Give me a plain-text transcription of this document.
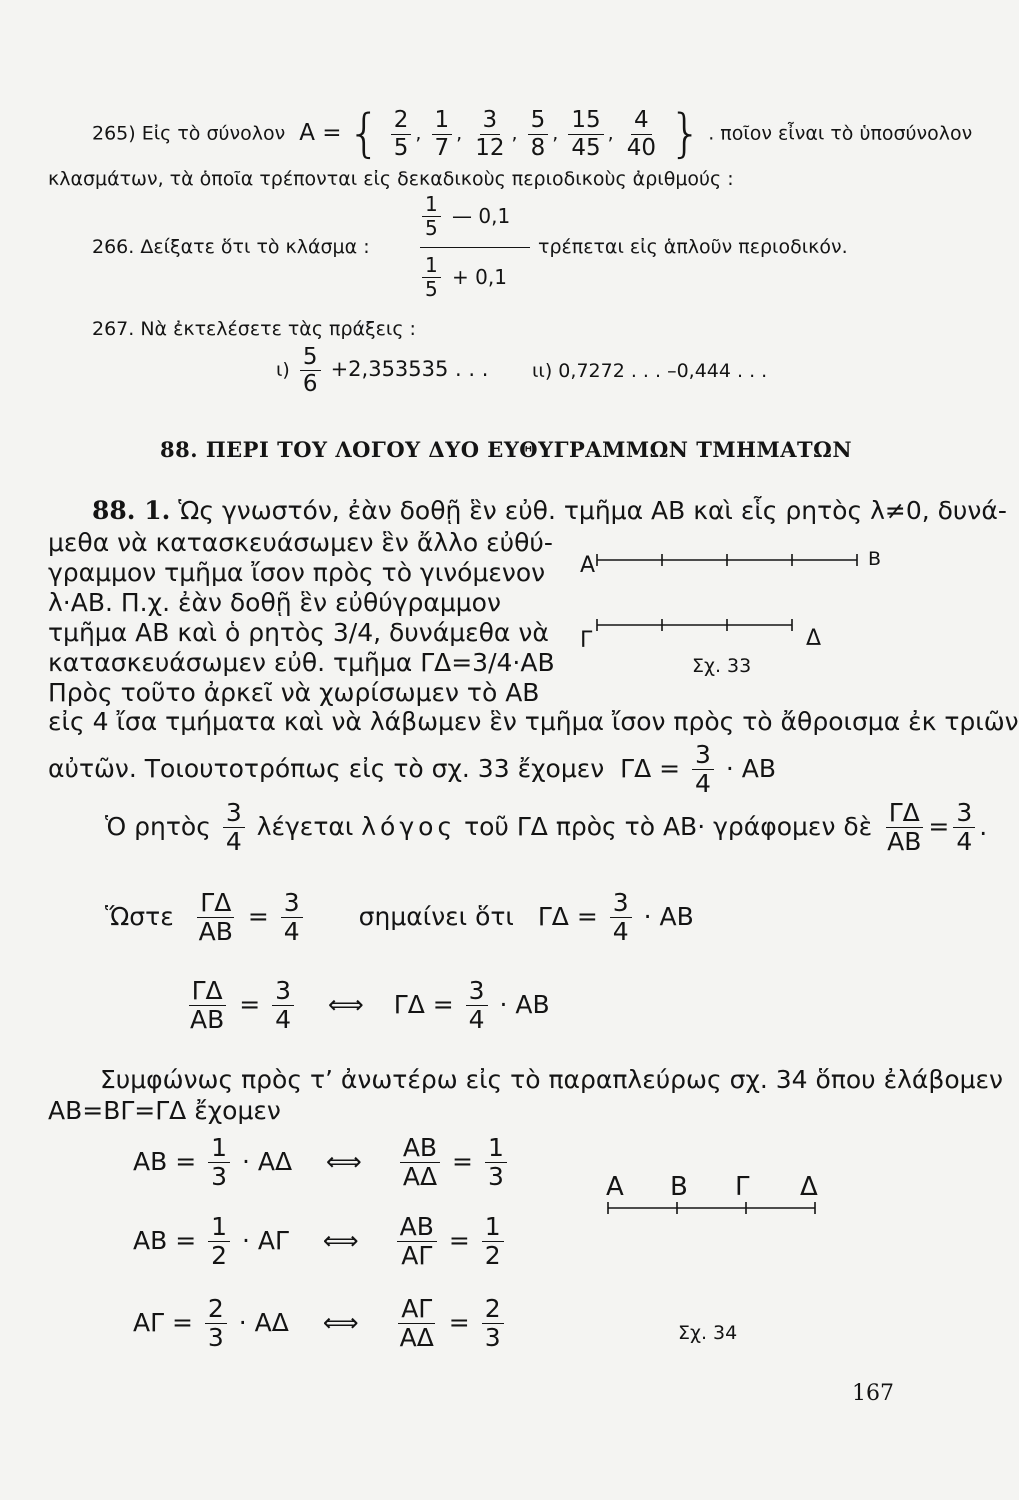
265) Εἰς τὸ σύνολον A = { $\frac{2}{5}$ , $\frac{1}{7}$ , $\frac{3}{12}$ , $\frac{5}{8}$ , $\frac{15}{45}$ , $\frac{4}{40}$ } . ποῖον εἶναι τὸ ὑποσύνολον
κλασμάτων, τὰ ὁποῖα τρέπονται εἰς δεκαδικοὺς περιοδικοὺς ἀριθμούς :
266. Δείξατε ὅτι τὸ κλάσμα :
$\frac{1}{5}$ — 0,1
$\frac{1}{5} + 0,1$
τρέπεται εἰς ἁπλοῦν περιοδικόν.
267. Νὰ ἐκτελέσετε τὰς πράξεις :
$\iota) \frac{5}{6} +2,353535$ . . . ιι) 0,7272 . . . –0,444 . . .
88. ΠΕΡΙ ΤΟΥ ΛΟΓΟΥ ΔΥΟ ΕΥΘΥΓΡΑΜΜΩΝ ΤΜΗΜΑΤΩΝ
88. 1. Ὡς γνωστόν, ἐὰν δοθῇ ἓν εὐθ. τμῆμα ΑΒ καὶ εἷς ρητὸς λ≠0, δυνά-
μεθα νὰ κατασκευάσωμεν ἓν ἄλλο εὐθύ-
γραμμον τμῆμα ἴσον πρὸς τὸ γινόμενον
λ·ΑΒ. Π.χ. ἐὰν δοθῇ ἓν εὐθύγραμμον
τμῆμα ΑΒ καὶ ὁ ρητὸς 3/4, δυνάμεθα νὰ
κατασκευάσωμεν εὐθ. τμῆμα ΓΔ=3/4·ΑΒ
Πρὸς τοῦτο ἀρκεῖ νὰ χωρίσωμεν τὸ ΑΒ
εἰς 4 ἴσα τμήματα καὶ νὰ λάβωμεν ἓν τμῆμα ἴσον πρὸς τὸ ἄθροισμα ἐκ τριῶν
αὐτῶν. Τοιουτοτρόπως εἰς τὸ σχ. 33 ἔχομεν $\Gamma\Delta = \frac{3}{4} \cdot AB$
A	B
Γ	Δ
Σχ. 33
Ὁ ρητὸς $\frac{3}{4}$ λέγεται λόγος τοῦ ΓΔ πρὸς τὸ ΑΒ· γράφομεν δὲ $\frac{\Gamma\Delta}{AB} = \frac{3}{4}$ .
Ὥστε $\frac{\Gamma\Delta}{AB} = \frac{3}{4}$ σημαίνει ὅτι $\Gamma\Delta = \frac{3}{4} \cdot AB$
$\frac{\Gamma\Delta}{AB} = \frac{3}{4}$ ⟺ $\Gamma\Delta = \frac{3}{4} \cdot AB$
Συμφώνως πρὸς τ’ ἀνωτέρω εἰς τὸ παραπλεύρως σχ. 34 ὅπου ἐλάβομεν
ΑΒ=ΒΓ=ΓΔ ἔχομεν
$AB = \frac{1}{3} \cdot A\Delta$ ⟺ $\frac{AB}{A\Delta} = \frac{1}{3}$
$AB = \frac{1}{2} \cdot A\Gamma$ ⟺ $\frac{AB}{A\Gamma} = \frac{1}{2}$
$A\Gamma = \frac{2}{3} \cdot A\Delta$ ⟺ $\frac{A\Gamma}{A\Delta} = \frac{2}{3}$
A B Γ Δ
Σχ. 34
167
